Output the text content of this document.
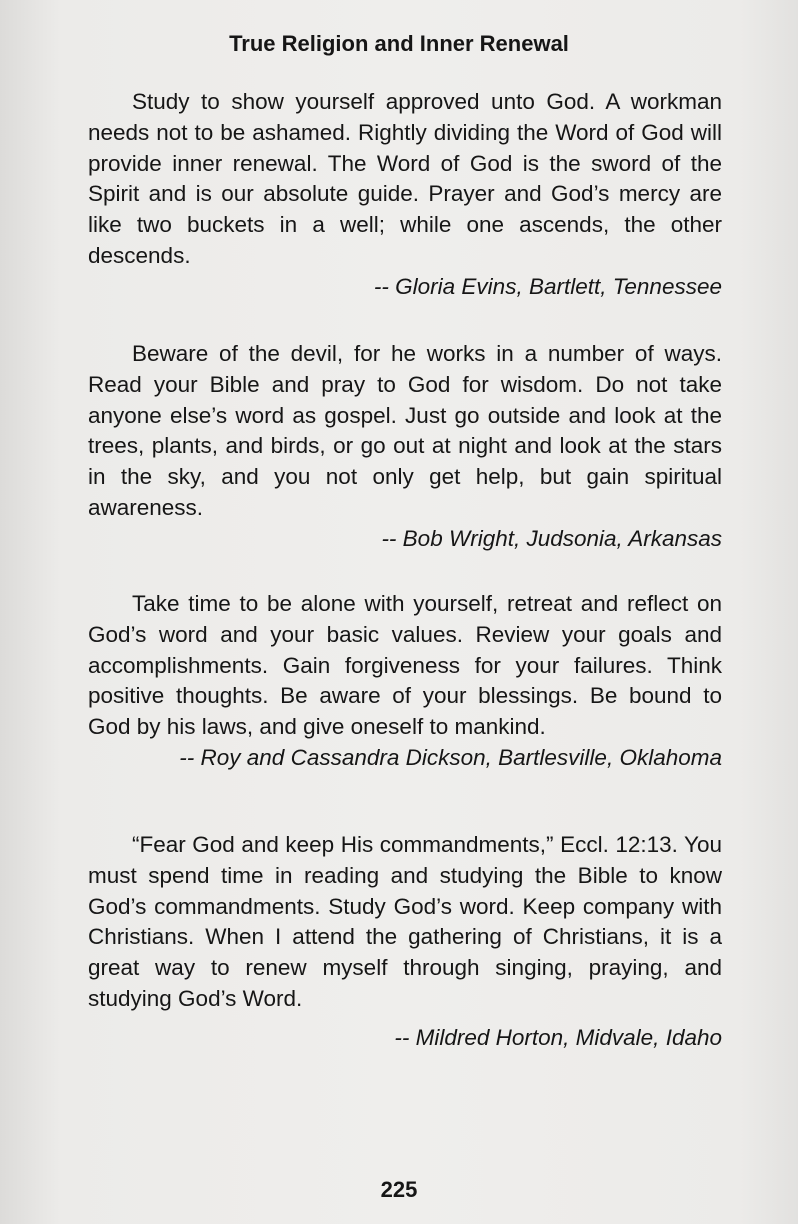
True Religion and Inner Renewal

Study to show yourself approved unto God. A workman needs not to be ashamed. Rightly dividing the Word of God will provide inner renewal. The Word of God is the sword of the Spirit and is our absolute guide. Prayer and God’s mercy are like two buckets in a well; while one ascends, the other descends.

-- Gloria Evins, Bartlett, Tennessee

Beware of the devil, for he works in a number of ways. Read your Bible and pray to God for wisdom. Do not take anyone else’s word as gospel. Just go outside and look at the trees, plants, and birds, or go out at night and look at the stars in the sky, and you not only get help, but gain spiritual awareness.

-- Bob Wright, Judsonia, Arkansas

Take time to be alone with yourself, retreat and reflect on God’s word and your basic values. Review your goals and accomplishments. Gain forgiveness for your failures. Think positive thoughts. Be aware of your blessings. Be bound to God by his laws, and give oneself to mankind.

-- Roy and Cassandra Dickson, Bartlesville, Oklahoma

“Fear God and keep His commandments,” Eccl. 12:13. You must spend time in reading and studying the Bible to know God’s commandments. Study God’s word. Keep company with Christians. When I attend the gathering of Christians, it is a great way to renew myself through singing, praying, and studying God’s Word.

-- Mildred Horton, Midvale, Idaho

225
